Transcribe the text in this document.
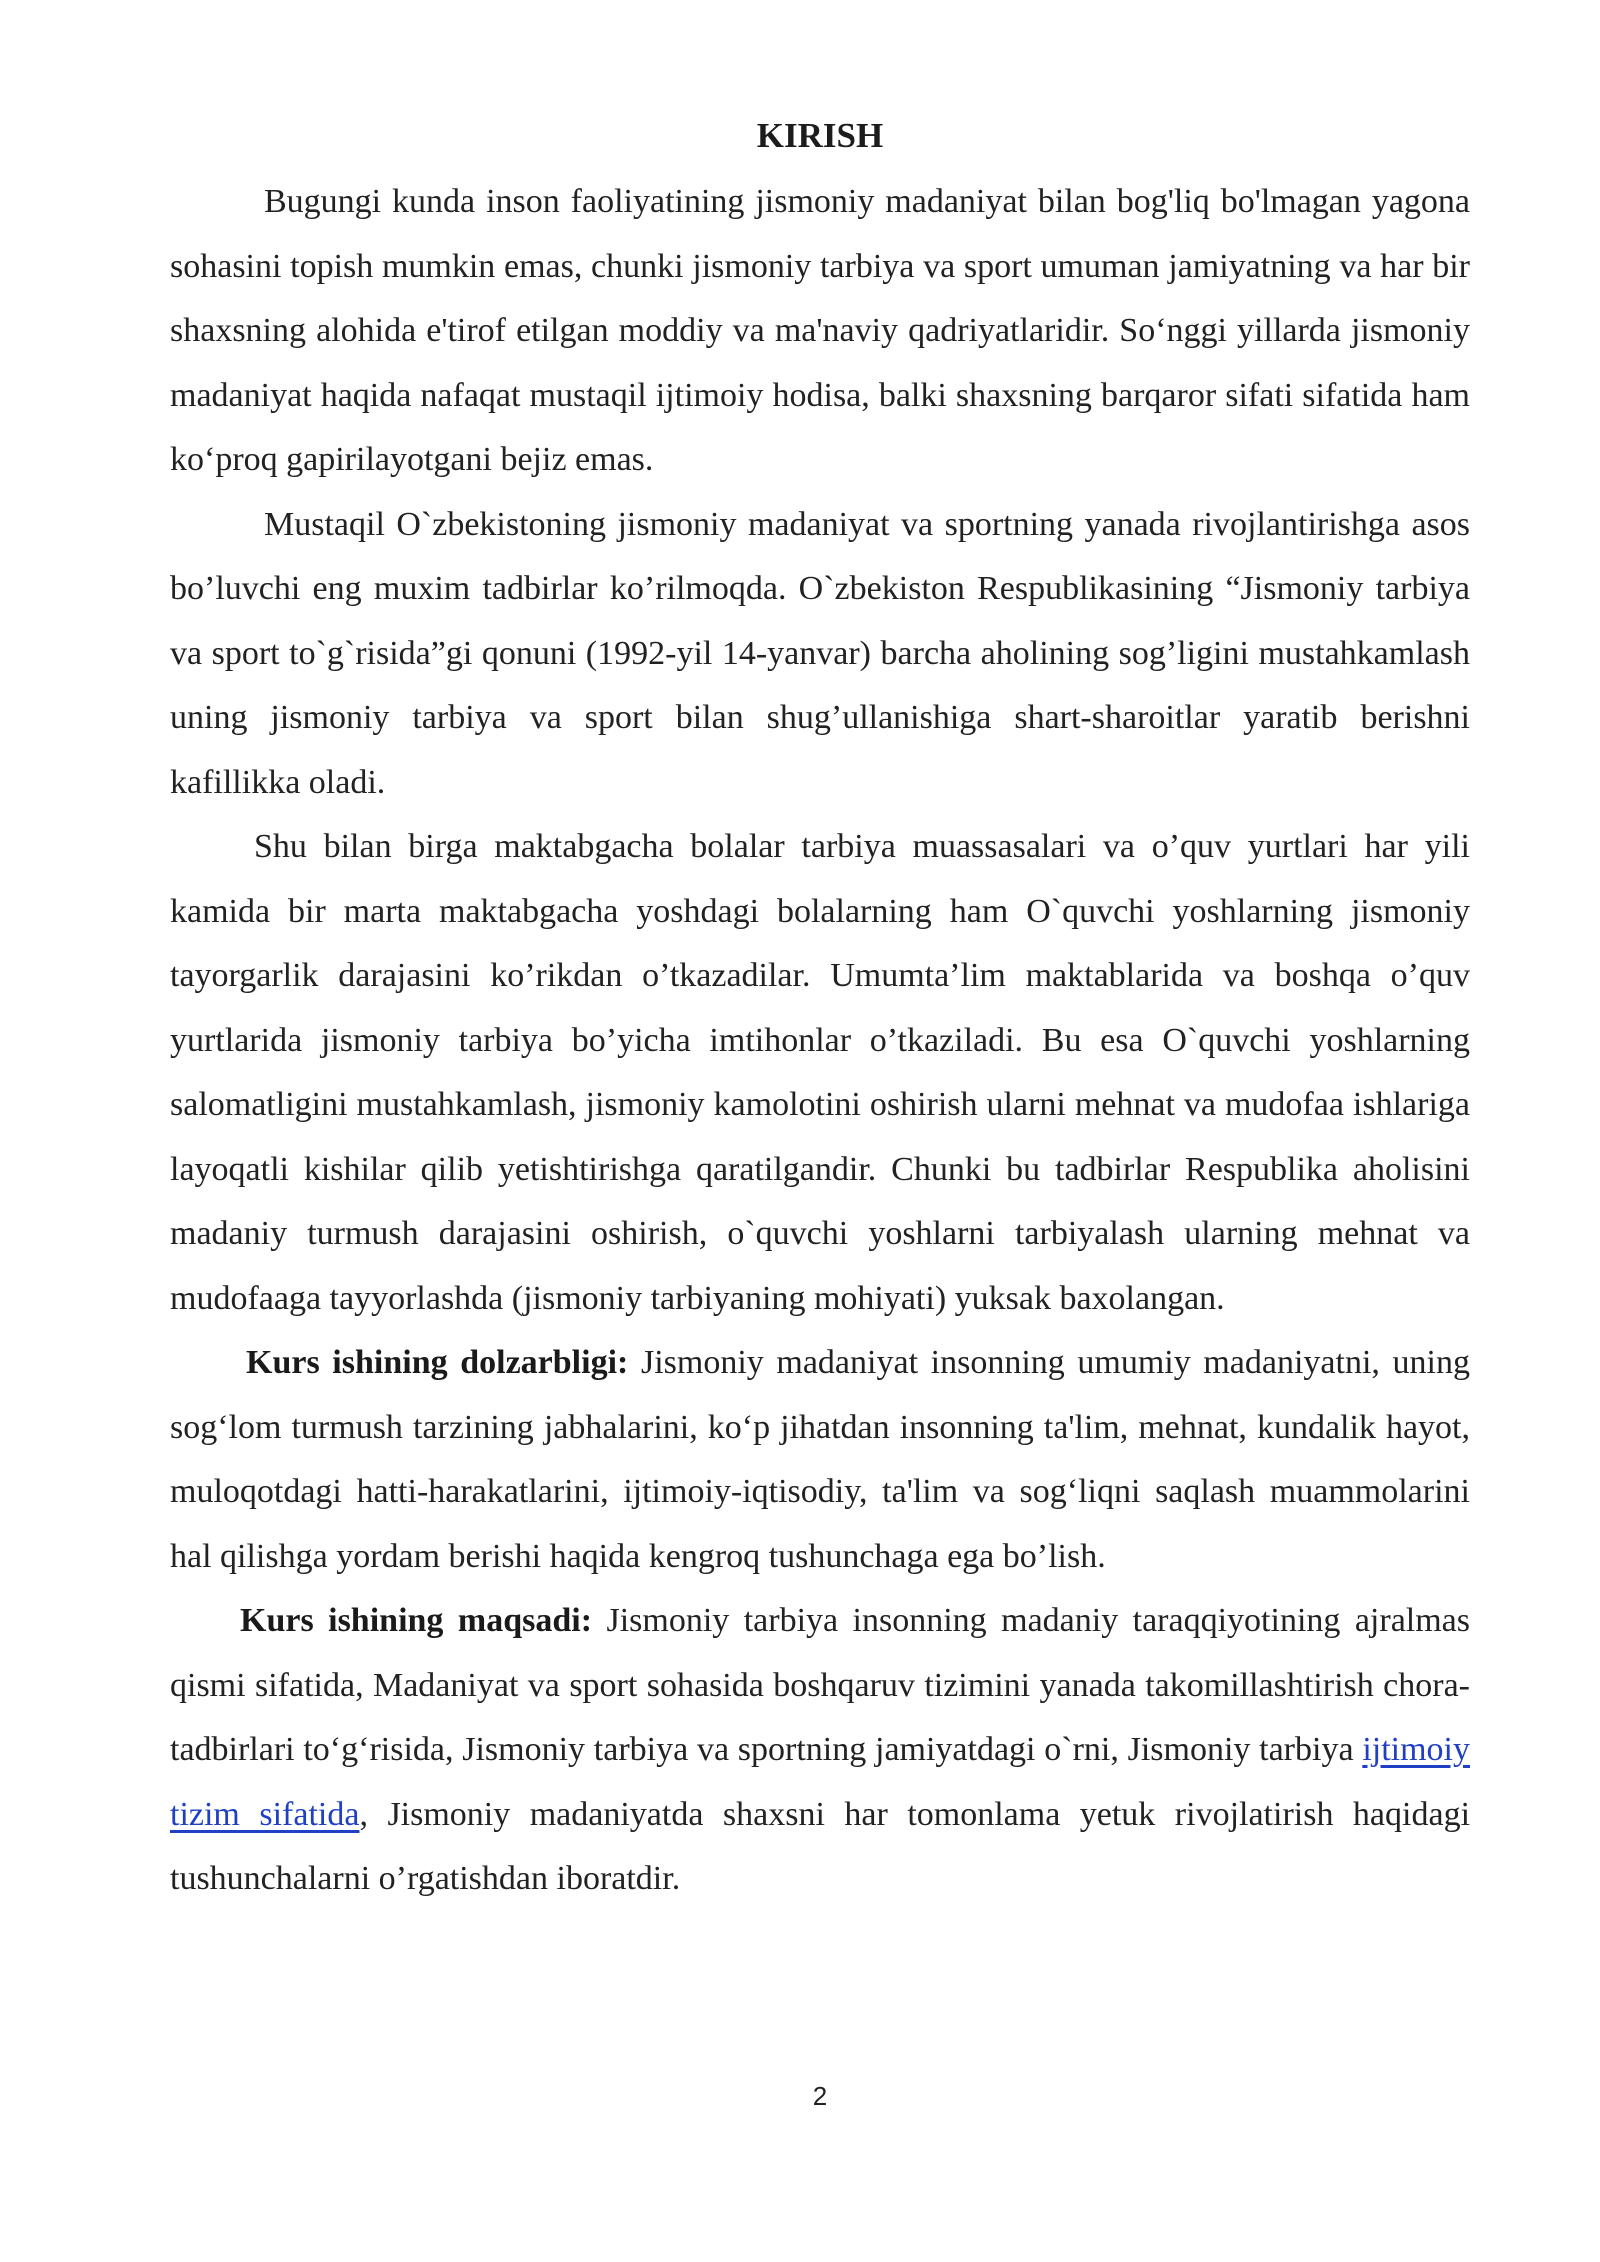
KIRISH

Bugungi kunda inson faoliyatining jismoniy madaniyat bilan bog'liq bo'lmagan yagona sohasini topish mumkin emas, chunki jismoniy tarbiya va sport umuman jamiyatning va har bir shaxsning alohida e'tirof etilgan moddiy va ma'naviy qadriyatlaridir. So‘nggi yillarda jismoniy madaniyat haqida nafaqat mustaqil ijtimoiy hodisa, balki shaxsning barqaror sifati sifatida ham ko‘proq gapirilayotgani bejiz emas.

Mustaqil O`zbekistoning jismoniy madaniyat va sportning yanada rivojlantirishga asos bo’luvchi eng muxim tadbirlar ko’rilmoqda. O`zbekiston Respublikasining “Jismoniy tarbiya va sport to`g`risida”gi qonuni (1992-yil 14-yanvar) barcha aholining sog’ligini mustahkamlash uning jismoniy tarbiya va sport bilan shug’ullanishiga shart-sharoitlar yaratib berishni kafillikka oladi.

Shu bilan birga maktabgacha bolalar tarbiya muassasalari va o’quv yurtlari har yili kamida bir marta maktabgacha yoshdagi bolalarning ham O`quvchi yoshlarning jismoniy tayorgarlik darajasini ko’rikdan o’tkazadilar. Umumta’lim maktablarida va boshqa o’quv yurtlarida jismoniy tarbiya bo’yicha imtihonlar o’tkaziladi. Bu esa O`quvchi yoshlarning salomatligini mustahkamlash, jismoniy kamolotini oshirish ularni mehnat va mudofaa ishlariga layoqatli kishilar qilib yetishtirishga qaratilgandir. Chunki bu tadbirlar Respublika aholisini madaniy turmush darajasini oshirish, o`quvchi yoshlarni tarbiyalash ularning mehnat va mudofaaga tayyorlashda (jismoniy tarbiyaning mohiyati) yuksak baxolangan.

Kurs ishining dolzarbligi: Jismoniy madaniyat insonning umumiy madaniyatni, uning sog‘lom turmush tarzining jabhalarini, ko‘p jihatdan insonning ta'lim, mehnat, kundalik hayot, muloqotdagi hatti-harakatlarini, ijtimoiy-iqtisodiy, ta'lim va sog‘liqni saqlash muammolarini hal qilishga yordam berishi haqida kengroq tushunchaga ega bo’lish.

Kurs ishining maqsadi: Jismoniy tarbiya insonning madaniy taraqqiyotining ajralmas qismi sifatida, Madaniyat va sport sohasida boshqaruv tizimini yanada takomillashtirish chora-tadbirlari to‘g‘risida, Jismoniy tarbiya va sportning jamiyatdagi o`rni, Jismoniy tarbiya ijtimoiy tizim sifatida, Jismoniy madaniyatda shaxsni har tomonlama yetuk rivojlatirish haqidagi tushunchalarni o’rgatishdan iboratdir.

2
